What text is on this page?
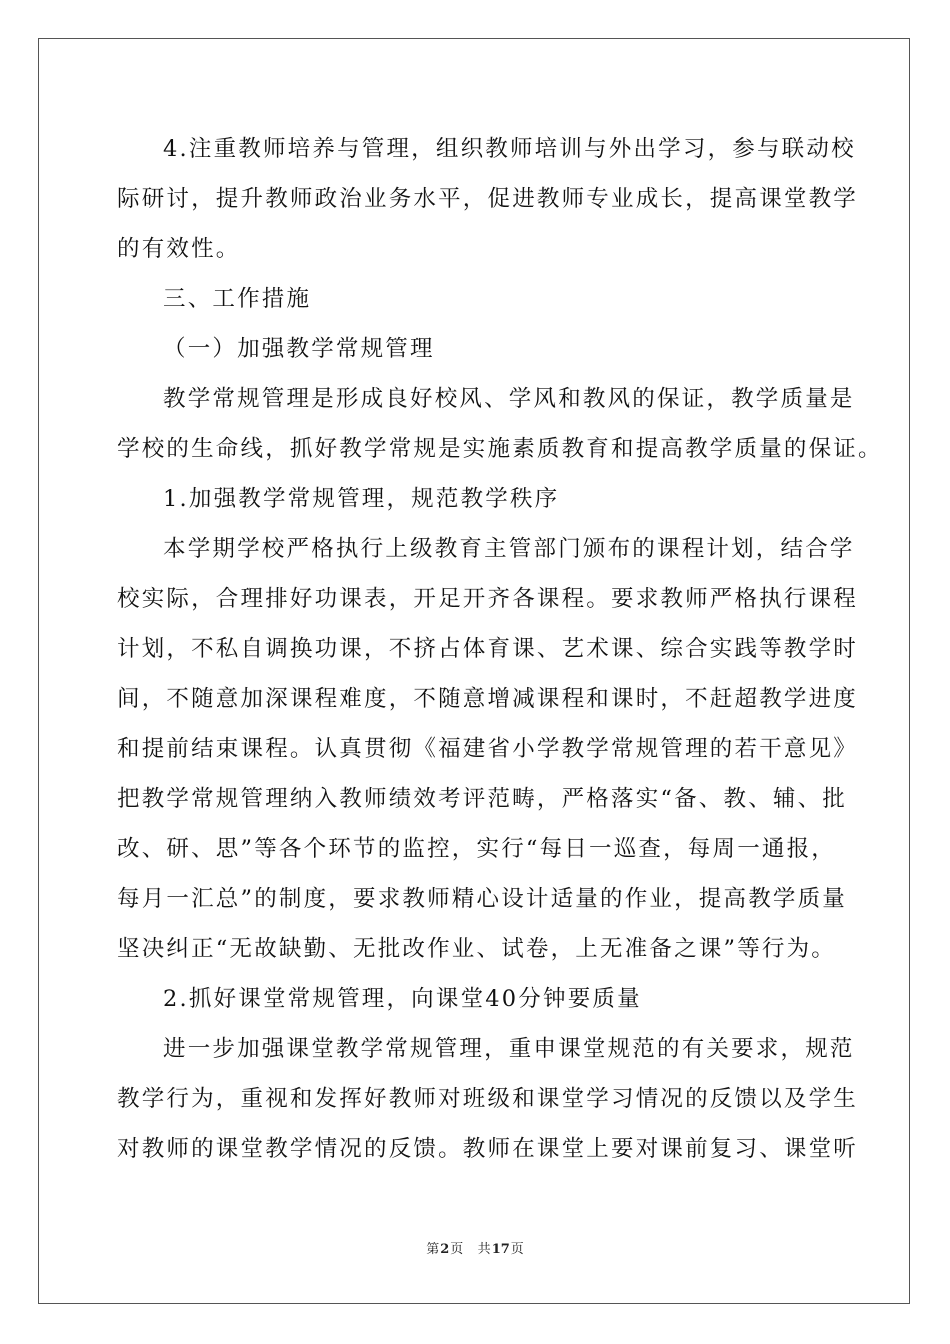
4.注重教师培养与管理，组织教师培训与外出学习，参与联动校
际研讨，提升教师政治业务水平，促进教师专业成长，提高课堂教学
的有效性。
三、工作措施
（一）加强教学常规管理
教学常规管理是形成良好校风、学风和教风的保证，教学质量是
学校的生命线，抓好教学常规是实施素质教育和提高教学质量的保证。
1.加强教学常规管理，规范教学秩序
本学期学校严格执行上级教育主管部门颁布的课程计划，结合学
校实际，合理排好功课表，开足开齐各课程。要求教师严格执行课程
计划，不私自调换功课，不挤占体育课、艺术课、综合实践等教学时
间，不随意加深课程难度，不随意增减课程和课时，不赶超教学进度
和提前结束课程。认真贯彻《福建省小学教学常规管理的若干意见》
把教学常规管理纳入教师绩效考评范畴，严格落实“备、教、辅、批
改、研、思”等各个环节的监控，实行“每日一巡查，每周一通报，
每月一汇总”的制度，要求教师精心设计适量的作业，提高教学质量
坚决纠正“无故缺勤、无批改作业、试卷，上无准备之课”等行为。
2.抓好课堂常规管理，向课堂40分钟要质量
进一步加强课堂教学常规管理，重申课堂规范的有关要求，规范
教学行为，重视和发挥好教师对班级和课堂学习情况的反馈以及学生
对教师的课堂教学情况的反馈。教师在课堂上要对课前复习、课堂听
第2页 共17页
